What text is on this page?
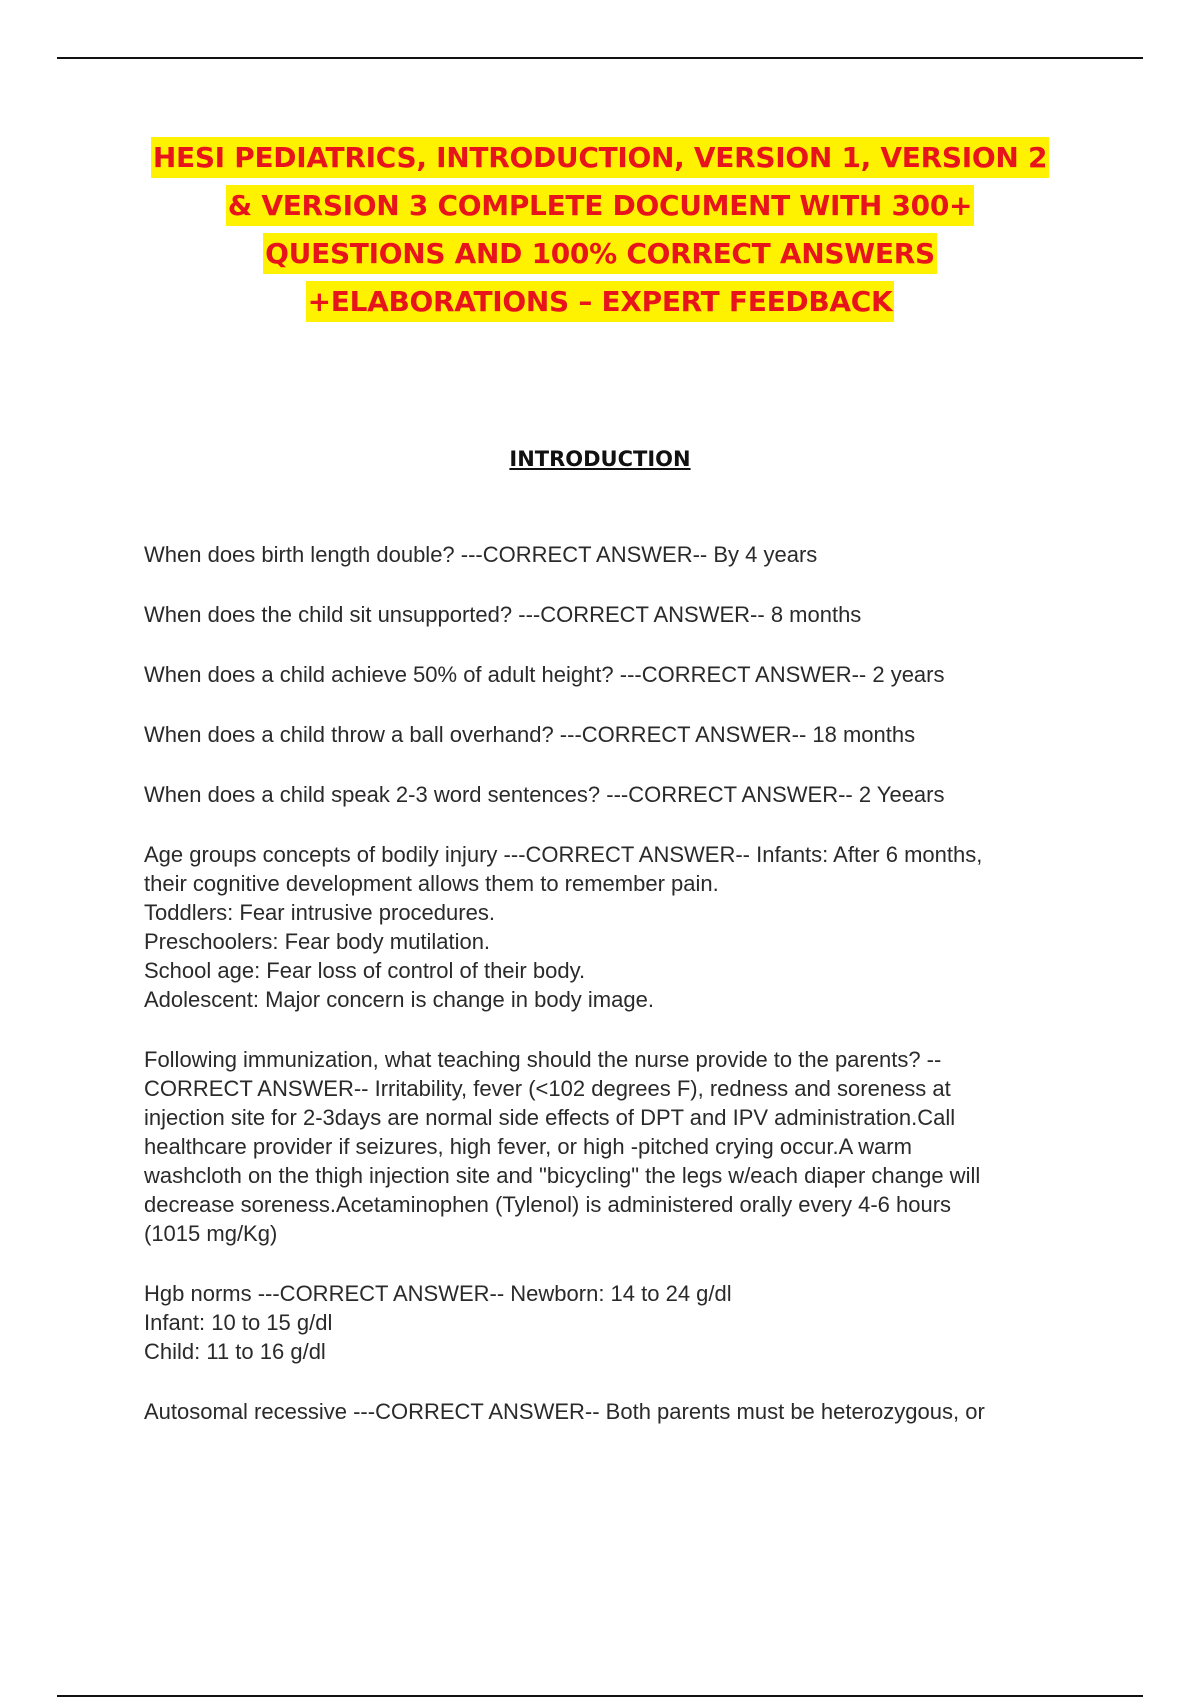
HESI PEDIATRICS, INTRODUCTION, VERSION 1, VERSION 2
& VERSION 3 COMPLETE DOCUMENT WITH 300+
QUESTIONS AND 100% CORRECT ANSWERS
+ELABORATIONS – EXPERT FEEDBACK
INTRODUCTION
When does birth length double? ---CORRECT ANSWER-- By 4 years
When does the child sit unsupported? ---CORRECT ANSWER-- 8 months
When does a child achieve 50% of adult height? ---CORRECT ANSWER-- 2 years
When does a child throw a ball overhand? ---CORRECT ANSWER-- 18 months
When does a child speak 2-3 word sentences? ---CORRECT ANSWER-- 2 Yeears
Age groups concepts of bodily injury ---CORRECT ANSWER-- Infants: After 6 months,
their cognitive development allows them to remember pain.
Toddlers: Fear intrusive procedures.
Preschoolers: Fear body mutilation.
School age: Fear loss of control of their body.
Adolescent: Major concern is change in body image.
Following immunization, what teaching should the nurse provide to the parents? --
CORRECT ANSWER-- Irritability, fever (<102 degrees F), redness and soreness at
injection site for 2-3days are normal side effects of DPT and IPV administration.Call
healthcare provider if seizures, high fever, or high -pitched crying occur.A warm
washcloth on the thigh injection site and "bicycling" the legs w/each diaper change will
decrease soreness.Acetaminophen (Tylenol) is administered orally every 4-6 hours
(1015 mg/Kg)
Hgb norms ---CORRECT ANSWER-- Newborn: 14 to 24 g/dl
Infant: 10 to 15 g/dl
Child: 11 to 16 g/dl
Autosomal recessive ---CORRECT ANSWER-- Both parents must be heterozygous, or
